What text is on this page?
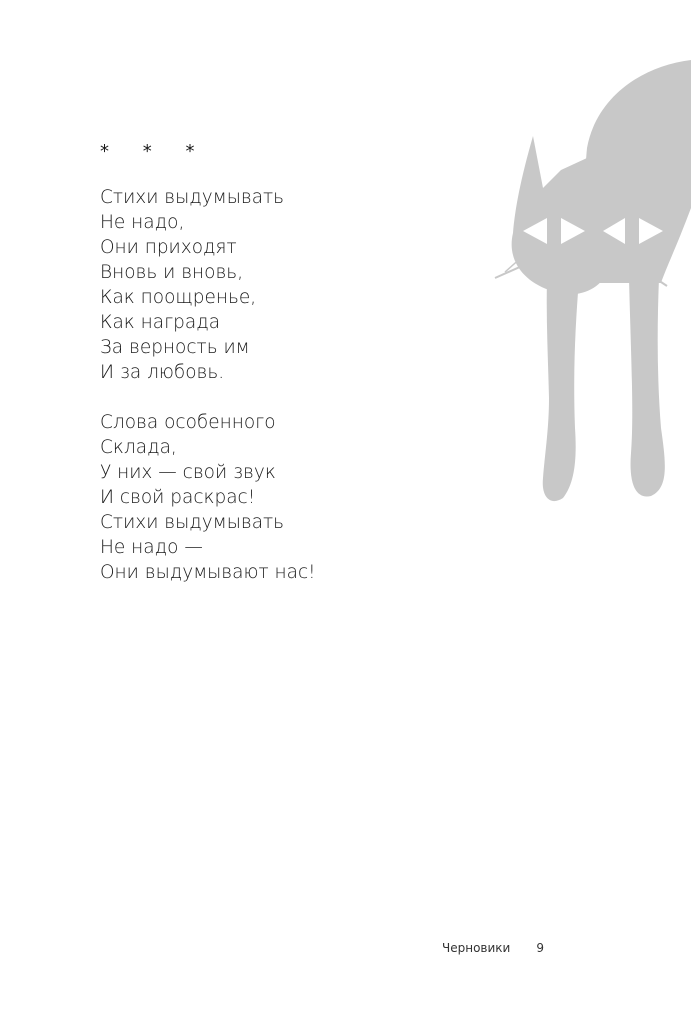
* * *
Стихи выдумывать
Не надо,
Они приходят
Вновь и вновь,
Как поощренье,
Как награда
За верность им
И за любовь.
Слова особенного
Склада,
У них — свой звук
И свой раскрас!
Стихи выдумывать
Не надо —
Они выдумывают нас!
Черновики 9
